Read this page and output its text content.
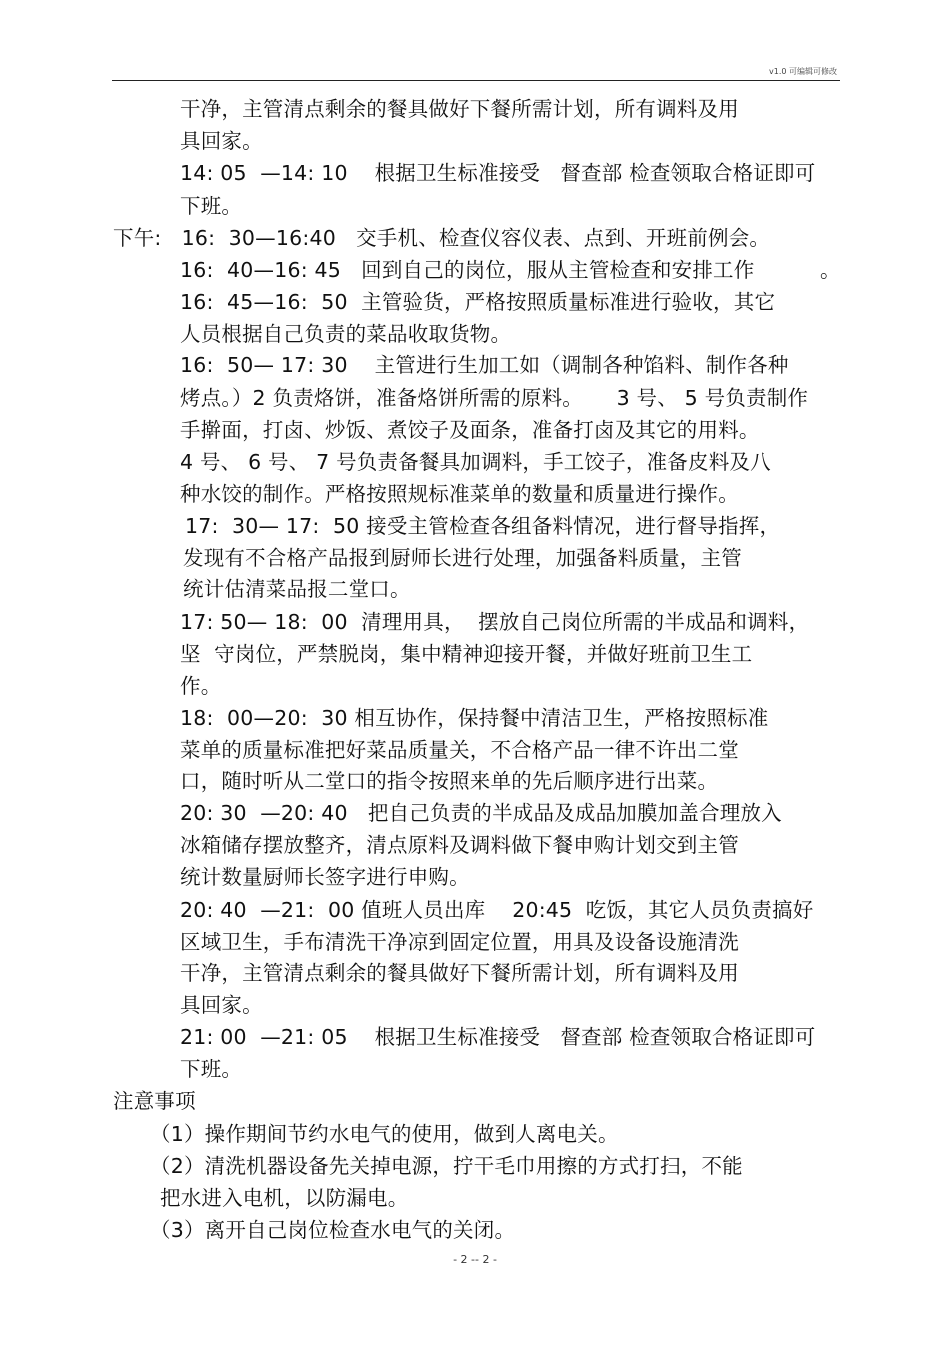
v1.0 可编辑可修改
干净，主管清点剩余的餐具做好下餐所需计划，所有调料及用
具回家。
14: 05  —14: 10    根据卫生标准接受   督查部 检查领取合格证即可
下班。
下午:   16:  30—16:40   交手机、检查仪容仪表、点到、开班前例会。
16:  40—16: 45   回到自己的岗位，服从主管检查和安排工作	。
16:  45—16:  50  主管验货，严格按照质量标准进行验收，其它
人员根据自己负责的菜品收取货物。
16:  50— 17: 30    主管进行生加工如（调制各种馅料、制作各种
烤点。）2 负责烙饼，准备烙饼所需的原料。     3 号、 5 号负责制作
手擀面，打卤、炒饭、煮饺子及面条，准备打卤及其它的用料。
4 号、 6 号、 7 号负责备餐具加调料，手工饺子，准备皮料及八
种水饺的制作。严格按照规标准菜单的数量和质量进行操作。
17:  30— 17:  50 接受主管检查各组备料情况，进行督导指挥，
发现有不合格产品报到厨师长进行处理，加强备料质量，主管
统计估清菜品报二堂口。
17: 50— 18:  00  清理用具，  摆放自己岗位所需的半成品和调料，
坚  守岗位，严禁脱岗，集中精神迎接开餐，并做好班前卫生工
作。
18:  00—20:  30 相互协作，保持餐中清洁卫生，严格按照标准
菜单的质量标准把好菜品质量关，不合格产品一律不许出二堂
口，随时听从二堂口的指令按照来单的先后顺序进行出菜。
20: 30  —20: 40   把自己负责的半成品及成品加膜加盖合理放入
冰箱储存摆放整齐，清点原料及调料做下餐申购计划交到主管
统计数量厨师长签字进行申购。
20: 40  —21:  00 值班人员出库    20:45  吃饭，其它人员负责搞好
区域卫生，手布清洗干净凉到固定位置，用具及设备设施清洗
干净，主管清点剩余的餐具做好下餐所需计划，所有调料及用
具回家。
21: 00  —21: 05    根据卫生标准接受   督查部 检查领取合格证即可
下班。
注意事项
（1）操作期间节约水电气的使用，做到人离电关。
（2）清洗机器设备先关掉电源，拧干毛巾用擦的方式打扫，不能
把水进入电机，以防漏电。
（3）离开自己岗位检查水电气的关闭。
- 2 -- 2 -
